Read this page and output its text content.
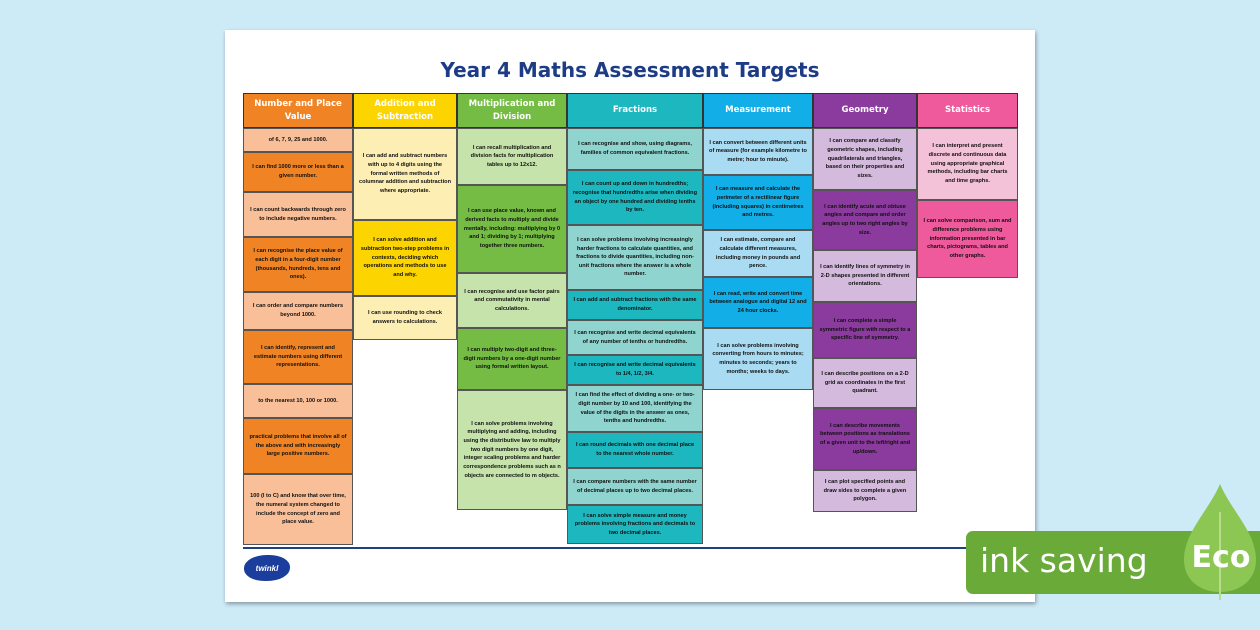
Year 4 Maths Assessment Targets
Number and Place Value
of 6, 7, 9, 25 and 1000.
I can find 1000 more or less than a given number.
I can count backwards through zero to include negative numbers.
I can recognise the place value of each digit in a four-digit number (thousands, hundreds, tens and ones).
I can order and compare numbers beyond 1000.
I can identify, represent and estimate numbers using different representations.
to the nearest 10, 100 or 1000.
practical problems that involve all of the above and with increasingly large positive numbers.
100 (I to C) and know that over time, the numeral system changed to include the concept of zero and place value.
Addition and Subtraction
I can add and subtract numbers with up to 4 digits using the formal written methods of columnar addition and subtraction where appropriate.
I can solve addition and subtraction two-step problems in contexts, deciding which operations and methods to use and why.
I can use rounding to check answers to calculations.
Multiplication and Division
I can recall multiplication and division facts for multiplication tables up to 12x12.
I can use place value, known and derived facts to multiply and divide mentally, including: multiplying by 0 and 1; dividing by 1; multiplying together three numbers.
I can recognise and use factor pairs and commutativity in mental calculations.
I can multiply two-digit and three-digit numbers by a one-digit number using formal written layout.
I can solve problems involving multiplying and adding, including using the distributive law to multiply two digit numbers by one digit, integer scaling problems and harder correspondence problems such as n objects are connected to m objects.
Fractions
I can recognise and show, using diagrams, families of common equivalent fractions.
I can count up and down in hundredths; recognise that hundredths arise when dividing an object by one hundred and dividing tenths by ten.
I can solve problems involving increasingly harder fractions to calculate quantities, and fractions to divide quantities, including non-unit fractions where the answer is a whole number.
I can add and subtract fractions with the same denominator.
I can recognise and write decimal equivalents of any number of tenths or hundredths.
I can recognise and write decimal equivalents to 1/4, 1/2, 3/4.
I can find the effect of dividing a one- or two-digit number by 10 and 100, identifying the value of the digits in the answer as ones, tenths and hundredths.
I can round decimals with one decimal place to the nearest whole number.
I can compare numbers with the same number of decimal places up to two decimal places.
I can solve simple measure and money problems involving fractions and decimals to two decimal places.
Measurement
I can convert between different units of measure (for example kilometre to metre; hour to minute).
I can measure and calculate the perimeter of a rectilinear figure (including squares) in centimetres and metres.
I can estimate, compare and calculate different measures, including money in pounds and pence.
I can read, write and convert time between analogue and digital 12 and 24 hour clocks.
I can solve problems involving converting from hours to minutes; minutes to seconds; years to months; weeks to days.
Geometry
I can compare and classify geometric shapes, including quadrilaterals and triangles, based on their properties and sizes.
I can identify acute and obtuse angles and compare and order angles up to two right angles by size.
I can identify lines of symmetry in 2-D shapes presented in different orientations.
I can complete a simple symmetric figure with respect to a specific line of symmetry.
I can describe positions on a 2-D grid as coordinates in the first quadrant.
I can describe movements between positions as translations of a given unit to the left/right and up/down.
I can plot specified points and draw sides to complete a given polygon.
Statistics
I can interpret and present discrete and continuous data using appropriate graphical methods, including bar charts and time graphs.
I can solve comparison, sum and difference problems using information presented in bar charts, pictograms, tables and other graphs.
twinkl	ink saving Eco
